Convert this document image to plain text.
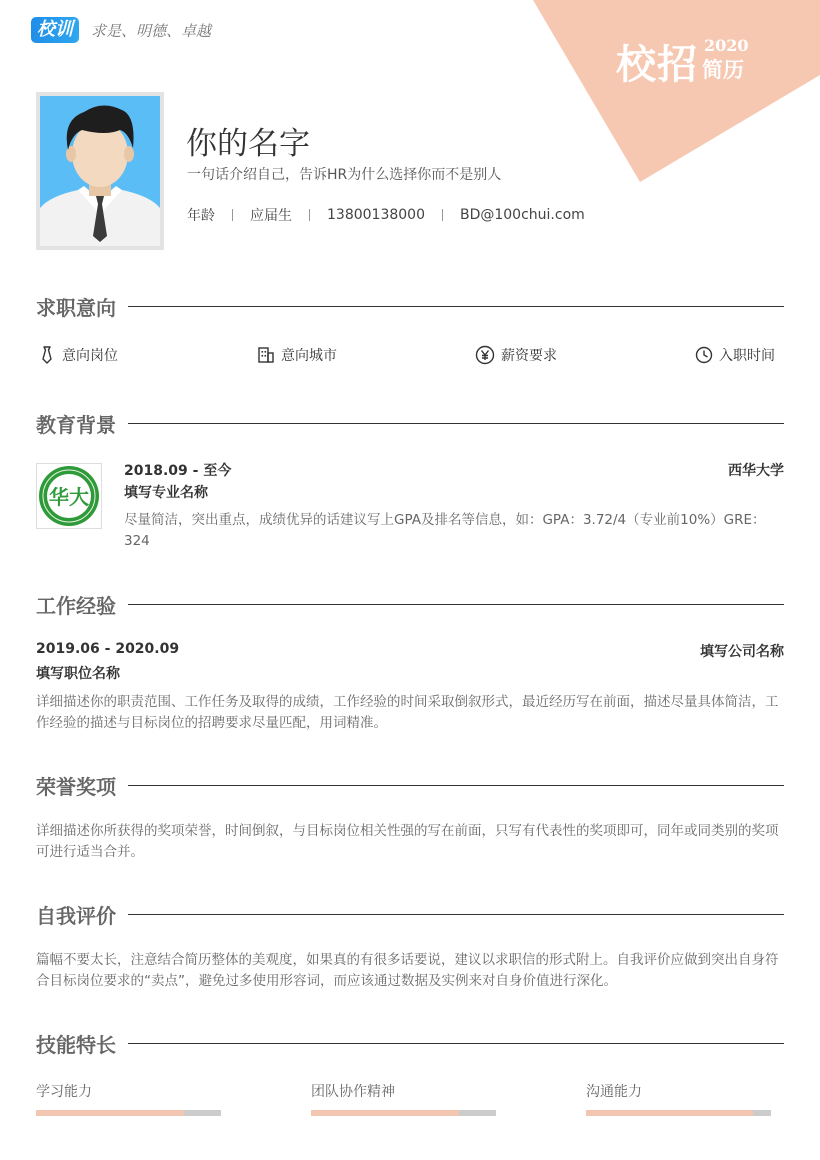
校训	求是、明德、卓越
校招 2020
简历
你的名字
一句话介绍自己，告诉HR为什么选择你而不是别人
年龄	应届生	13800138000	BD@100chui.com
求职意向
意向岗位	意向城市	薪资要求	入职时间
教育背景
华大
2018.09 - 至今	西华大学
填写专业名称
尽量简洁，突出重点，成绩优异的话建议写上GPA及排名等信息，如：GPA：3.72/4（专业前10%）GRE：324
工作经验
2019.06 - 2020.09	填写公司名称
填写职位名称
详细描述你的职责范围、工作任务及取得的成绩，工作经验的时间采取倒叙形式，最近经历写在前面，描述尽量具体简洁，工作经验的描述与目标岗位的招聘要求尽量匹配，用词精准。
荣誉奖项
详细描述你所获得的奖项荣誉，时间倒叙，与目标岗位相关性强的写在前面，只写有代表性的奖项即可，同年或同类别的奖项可进行适当合并。
自我评价
篇幅不要太长，注意结合简历整体的美观度，如果真的有很多话要说，建议以求职信的形式附上。自我评价应做到突出自身符合目标岗位要求的“卖点”，避免过多使用形容词，而应该通过数据及实例来对自身价值进行深化。
技能特长
学习能力	团队协作精神	沟通能力
